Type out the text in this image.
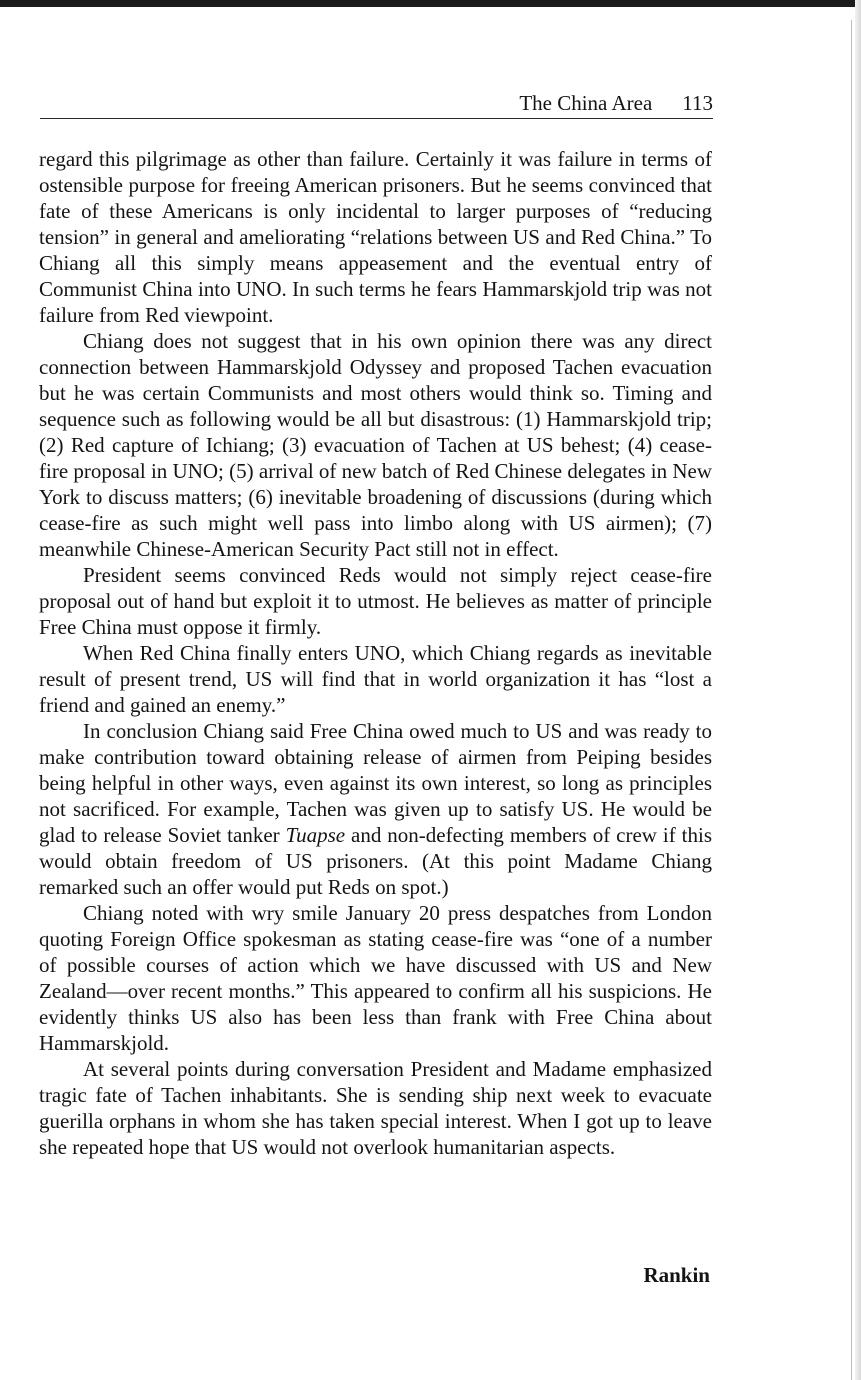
The China Area 113

regard this pilgrimage as other than failure. Certainly it was failure in terms of ostensible purpose for freeing American prisoners. But he seems convinced that fate of these Americans is only incidental to larger purposes of “reducing tension” in general and ameliorating “relations between US and Red China.” To Chiang all this simply means appeasement and the eventual entry of Communist China into UNO. In such terms he fears Hammarskjold trip was not failure from Red viewpoint.

Chiang does not suggest that in his own opinion there was any direct connection between Hammarskjold Odyssey and proposed Tachen evacuation but he was certain Communists and most others would think so. Timing and sequence such as following would be all but disastrous: (1) Hammarskjold trip; (2) Red capture of Ichiang; (3) evacuation of Tachen at US behest; (4) cease-fire proposal in UNO; (5) arrival of new batch of Red Chinese delegates in New York to discuss matters; (6) inevitable broadening of discussions (during which cease-fire as such might well pass into limbo along with US airmen); (7) meanwhile Chinese-American Security Pact still not in effect.

President seems convinced Reds would not simply reject cease-fire proposal out of hand but exploit it to utmost. He believes as matter of principle Free China must oppose it firmly.

When Red China finally enters UNO, which Chiang regards as inevitable result of present trend, US will find that in world organization it has “lost a friend and gained an enemy.”

In conclusion Chiang said Free China owed much to US and was ready to make contribution toward obtaining release of airmen from Peiping besides being helpful in other ways, even against its own interest, so long as principles not sacrificed. For example, Tachen was given up to satisfy US. He would be glad to release Soviet tanker Tuapse and non-defecting members of crew if this would obtain freedom of US prisoners. (At this point Madame Chiang remarked such an offer would put Reds on spot.)

Chiang noted with wry smile January 20 press despatches from London quoting Foreign Office spokesman as stating cease-fire was “one of a number of possible courses of action which we have discussed with US and New Zealand—over recent months.” This appeared to confirm all his suspicions. He evidently thinks US also has been less than frank with Free China about Hammarskjold.

At several points during conversation President and Madame emphasized tragic fate of Tachen inhabitants. She is sending ship next week to evacuate guerilla orphans in whom she has taken special interest. When I got up to leave she repeated hope that US would not overlook humanitarian aspects.

Rankin
